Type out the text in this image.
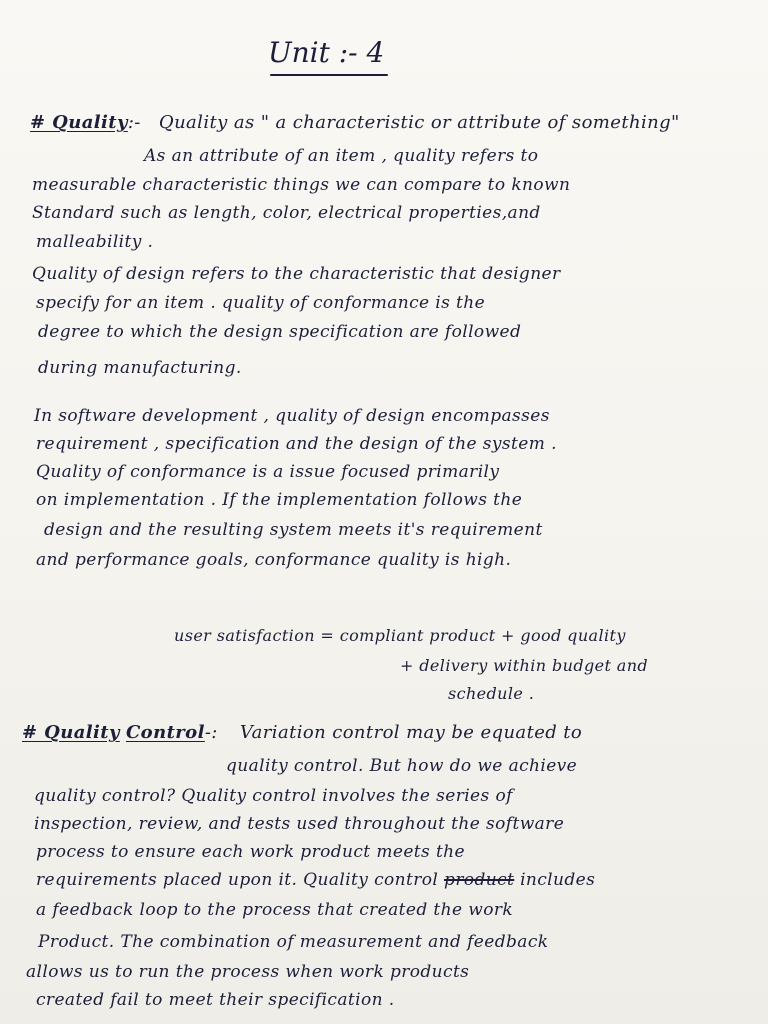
Unit :- 4
# Quality:- Quality as " a characteristic or attribute of something"
As an attribute of an item , quality refers to
measurable characteristic things we can compare to known
Standard such as length, color, electrical properties,and
malleability .
Quality of design refers to the characteristic that designer
specify for an item . quality of conformance is the
degree to which the design specification are followed
during manufacturing.
In software development , quality of design encompasses
requirement , specification and the design of the system .
Quality of conformance is a issue focused primarily
on implementation . If the implementation follows the
design and the resulting system meets it's requirement
and performance goals, conformance quality is high.
user satisfaction = compliant product + good quality
+ delivery within budget and
schedule .
# Quality Control-: Variation control may be equated to
quality control. But how do we achieve
quality control? Quality control involves the series of
inspection, review, and tests used throughout the software
process to ensure each work product meets the
requirements placed upon it. Quality control product includes
a feedback loop to the process that created the work
Product. The combination of measurement and feedback
allows us to run the process when work products
created fail to meet their specification .
